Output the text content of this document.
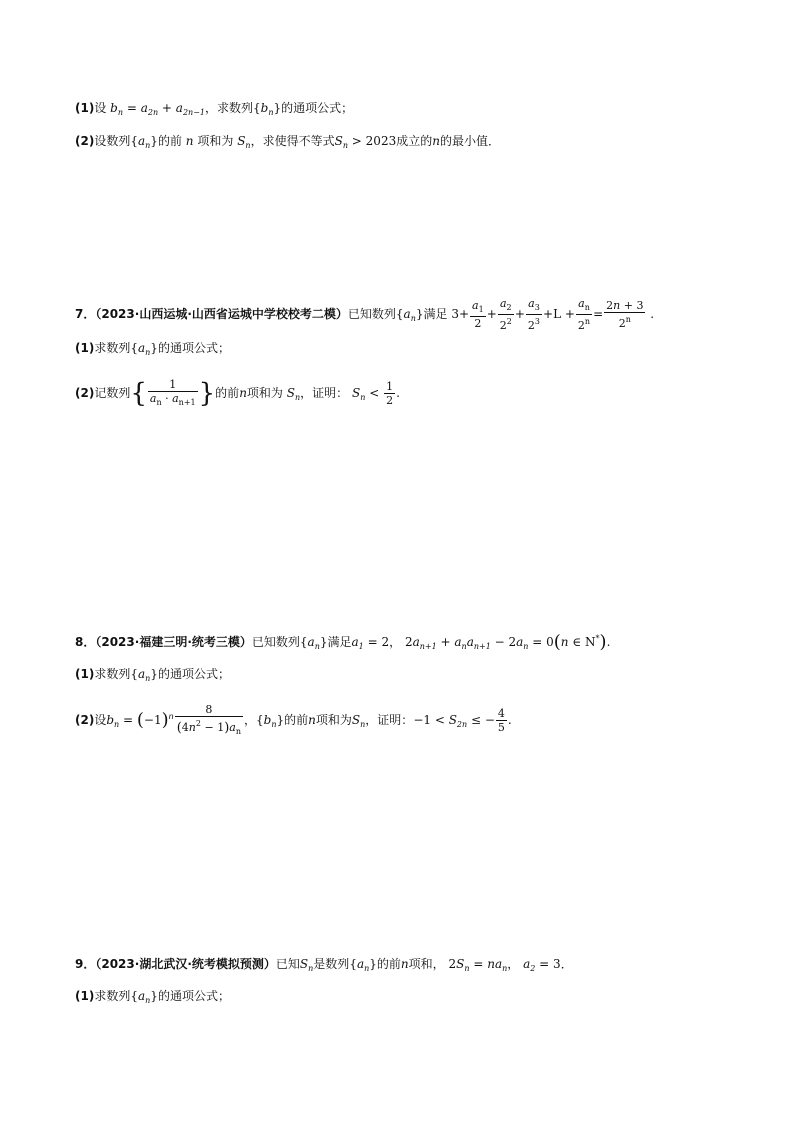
(1)设 $b_n = a_{2n} + a_{2n-1}$，求数列$\{b_n\}$的通项公式；
(2)设数列$\{a_n\}$的前 n 项和为 $S_n$，求使得不等式$S_n > 2023$成立的n的最小值．
7．（2023·山西运城·山西省运城中学校校考二模）已知数列$\{a_n\}$满足 $3+ \frac{a_1}{2} + \frac{a_2}{2^2} + \frac{a_3}{2^3} +L + \frac{a_n}{2^n} = \frac{2n + 3}{2^n}$ .
(1)求数列$\{a_n\}$的通项公式；
(2)记数列{ $\frac{1}{a_n \cdot a_{n+1}}$ }的前n项和为 $S_n$，证明： $S_n < \frac{1}{2}$ .
8．（2023·福建三明·统考三模）已知数列$\{a_n\}$满足$a_1 = 2$， $2a_{n+1} + a_na_{n+1} - 2a_n = 0(n$ ∈ N*).
(1)求数列$\{a_n\}$的通项公式；
(2)设$b_n = (-1)^n \frac{8}{(4n^2 - 1)a_n}$ ，$\{b_n\}$的前n项和为$S_n$，证明：$-1 < S_{2n}$ ≤ − $\frac{4}{5}$ .
9．（2023·湖北武汉·统考模拟预测）已知$S_n$是数列$\{a_n\}$的前n项和， $2S_n = na_n$， $a_2 = 3$．
(1)求数列$\{a_n\}$的通项公式；
